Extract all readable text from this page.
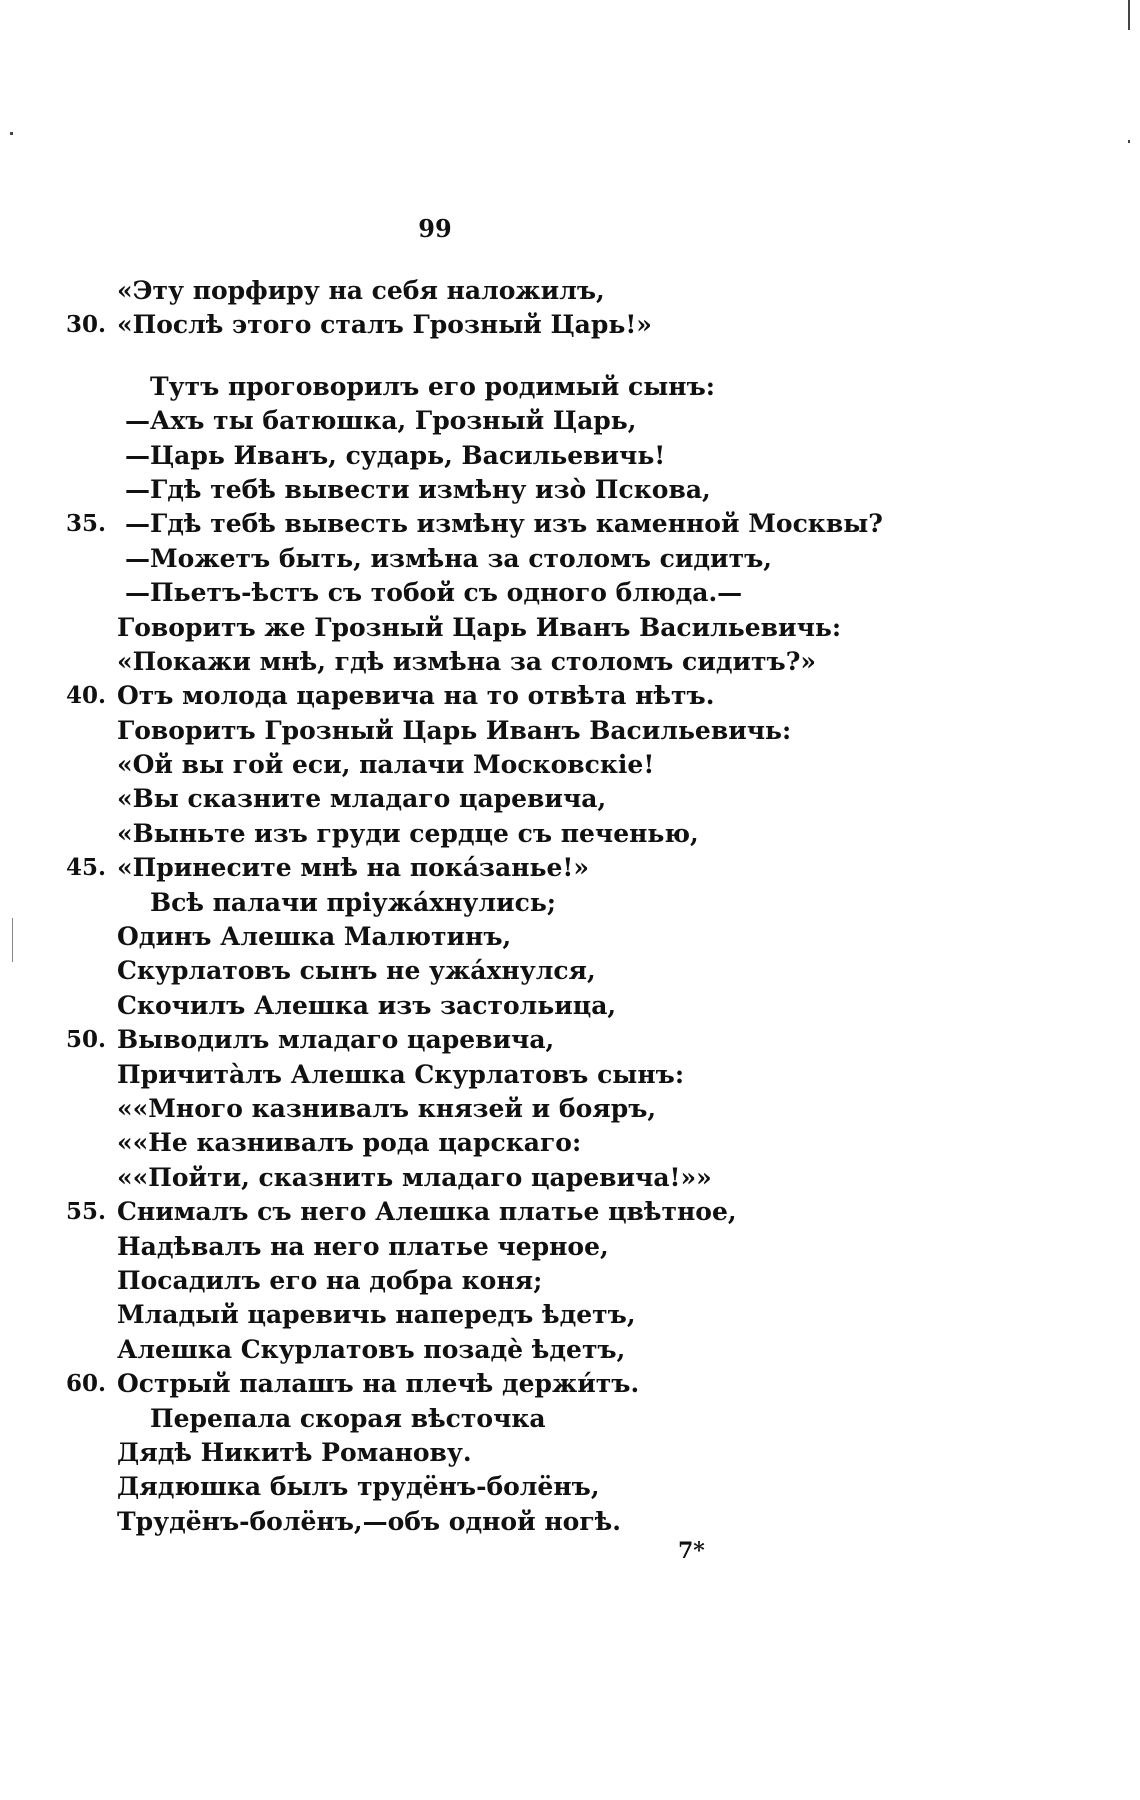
99
«Эту порфиру на себя наложилъ,
30. «Послѣ этого сталъ Грозный Царь!»
Тутъ проговорилъ его родимый сынъ:
—Ахъ ты батюшка, Грозный Царь,
—Царь Иванъ, сударь, Васильевичь!
—Гдѣ тебѣ вывести измѣну изо̀ Пскова,
35. —Гдѣ тебѣ вывесть измѣну изъ каменной Москвы?
—Можетъ быть, измѣна за столомъ сидитъ,
—Пьетъ-ѣстъ съ тобой съ одного блюда.—
Говоритъ же Грозный Царь Иванъ Васильевичь:
«Покажи мнѣ, гдѣ измѣна за столомъ сидитъ?»
40. Отъ молода царевича на то отвѣта нѣтъ.
Говоритъ Грозный Царь Иванъ Васильевичь:
«Ой вы гой еси, палачи Московскіе!
«Вы сказните младаго царевича,
«Выньте изъ груди сердце съ печенью,
45. «Принесите мнѣ на пока́занье!»
Всѣ палачи пріужа́хнулись;
Одинъ Алешка Малютинъ,
Скурлатовъ сынъ не ужа́хнулся,
Скочилъ Алешка изъ застольица,
50. Выводилъ младаго царевича,
Причита̀лъ Алешка Скурлатовъ сынъ:
««Много казнивалъ князей и бояръ,
««Не казнивалъ рода царскаго:
««Пойти, сказнить младаго царевича!»»
55. Снималъ съ него Алешка платье цвѣтное,
Надѣвалъ на него платье черное,
Посадилъ его на добра коня;
Младый царевичь напередъ ѣдетъ,
Алешка Скурлатовъ позадѐ ѣдетъ,
60. Острый палашъ на плечѣ держи́тъ.
Перепала скорая вѣсточка
Дядѣ Никитѣ Романову.
Дядюшка былъ трудёнъ-болёнъ,
Трудёнъ-болёнъ,—объ одной ногѣ.
7*
